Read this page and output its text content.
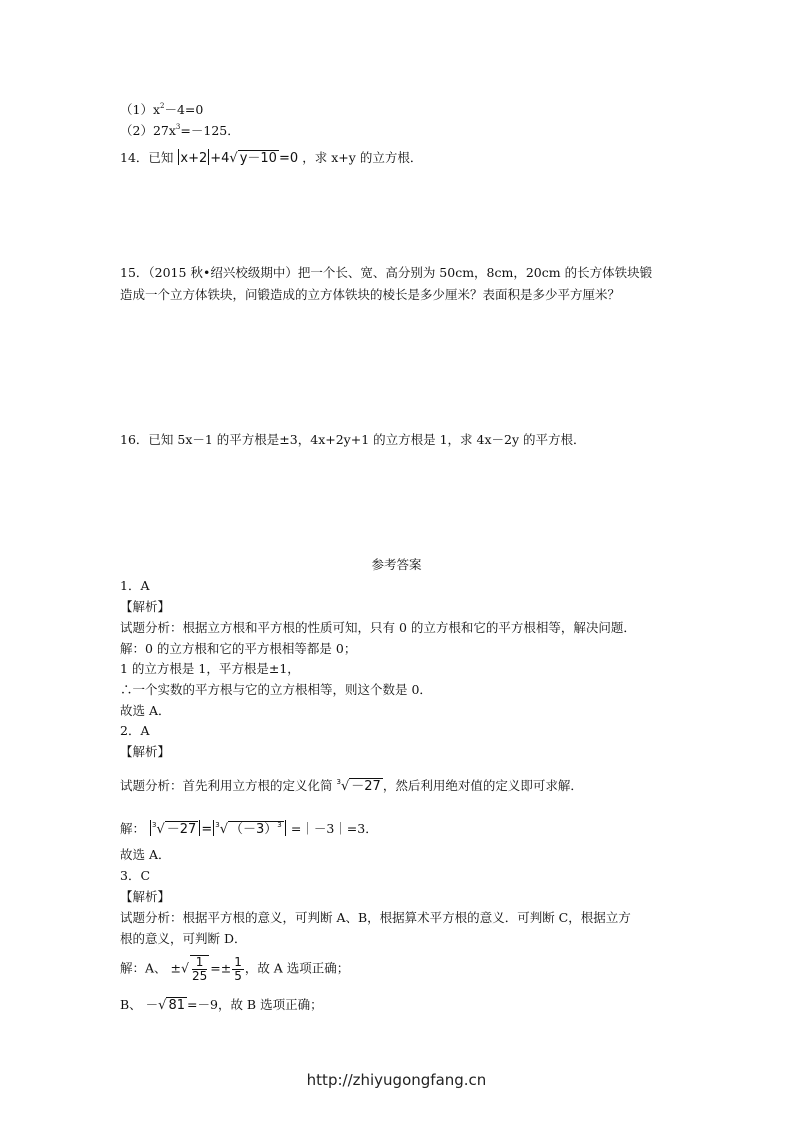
$(1)x^2-4=0$
$(2)27x^3=-125$．
14．已知 x+2 +4√ y－10 =0 ，求 x+y 的立方根．
15．（2015 秋•绍兴校级期中）把一个长、宽、高分别为 50cm，8cm，20cm 的长方体铁块锻
造成一个立方体铁块，问锻造成的立方体铁块的棱长是多少厘米？表面积是多少平方厘米？
16．已知 5x－1 的平方根是±3，4x+2y+1 的立方根是 1，求 4x－2y 的平方根．
参考答案
1．A
【解析】
试题分析：根据立方根和平方根的性质可知，只有 0 的立方根和它的平方根相等，解决问题．
解：0 的立方根和它的平方根相等都是 0；
1 的立方根是 1，平方根是±1，
∴一个实数的平方根与它的立方根相等，则这个数是 0．
故选 A．
2．A
【解析】
试题分析：首先利用立方根的定义化简 $^3$√ －27 ，然后利用绝对值的定义即可求解．
解： $^3$√ －27 = $^3$√ $(-3)^3$ =｜－3｜=3．
故选 A．
3．C
【解析】
试题分析：根据平方根的意义，可判断 A、B，根据算术平方根的意义．可判断 C，根据立方
根的意义，可判断 D．
解：A、 ±√ $\frac{1}{25} =\pm \frac{1}{5}$ ，故 A 选项正确；
B、 －√ 81 =－9，故 B 选项正确；
http://zhiyugongfang.cn
